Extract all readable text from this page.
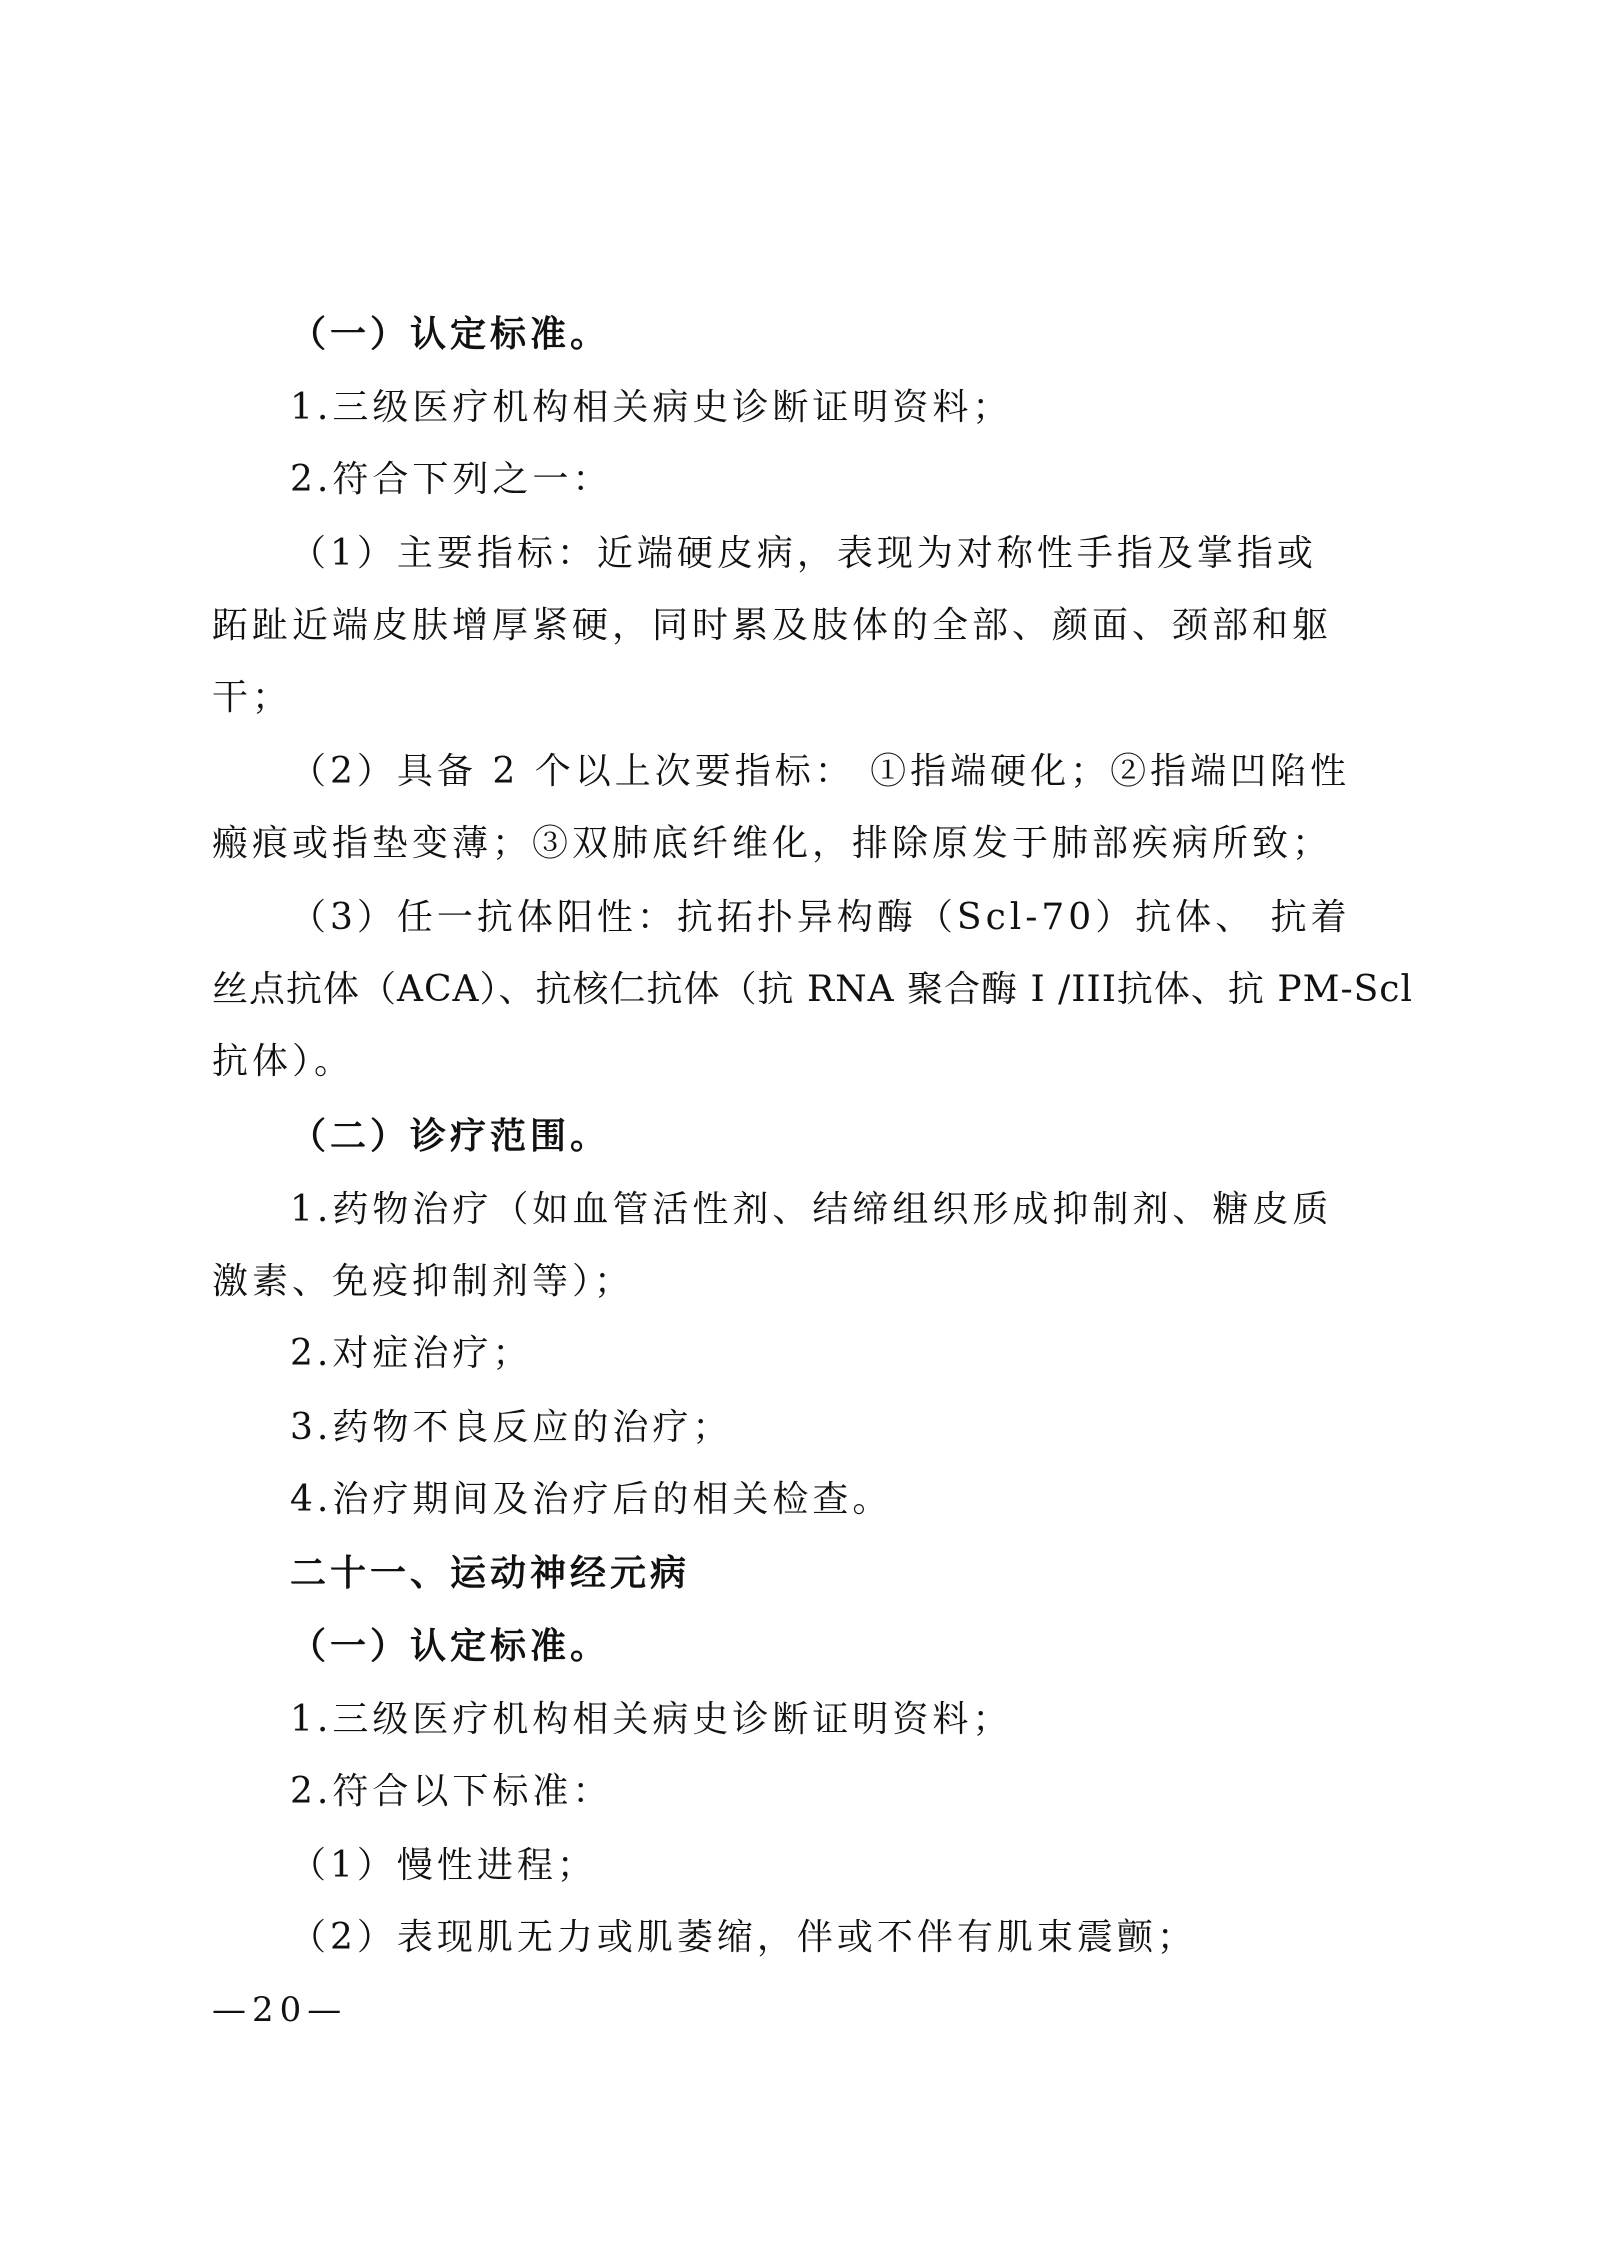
（一）认定标准。

1.三级医疗机构相关病史诊断证明资料；

2.符合下列之一：

（1）主要指标：近端硬皮病，表现为对称性手指及掌指或

跖趾近端皮肤增厚紧硬，同时累及肢体的全部、颜面、颈部和躯

干；

（2）具备 2 个以上次要指标： ①指端硬化；②指端凹陷性

瘢痕或指垫变薄；③双肺底纤维化，排除原发于肺部疾病所致；

（3）任一抗体阳性：抗拓扑异构酶（Scl-70）抗体、 抗着

丝点抗体（ACA）、抗核仁抗体（抗 RNA 聚合酶 I /III抗体、抗 PM-Scl

抗体）。

（二）诊疗范围。

1.药物治疗（如血管活性剂、结缔组织形成抑制剂、糖皮质

激素、免疫抑制剂等）；

2.对症治疗；

3.药物不良反应的治疗；

4.治疗期间及治疗后的相关检查。

二十一、运动神经元病

（一）认定标准。

1.三级医疗机构相关病史诊断证明资料；

2.符合以下标准：

（1）慢性进程；

（2）表现肌无力或肌萎缩，伴或不伴有肌束震颤；

—20—
